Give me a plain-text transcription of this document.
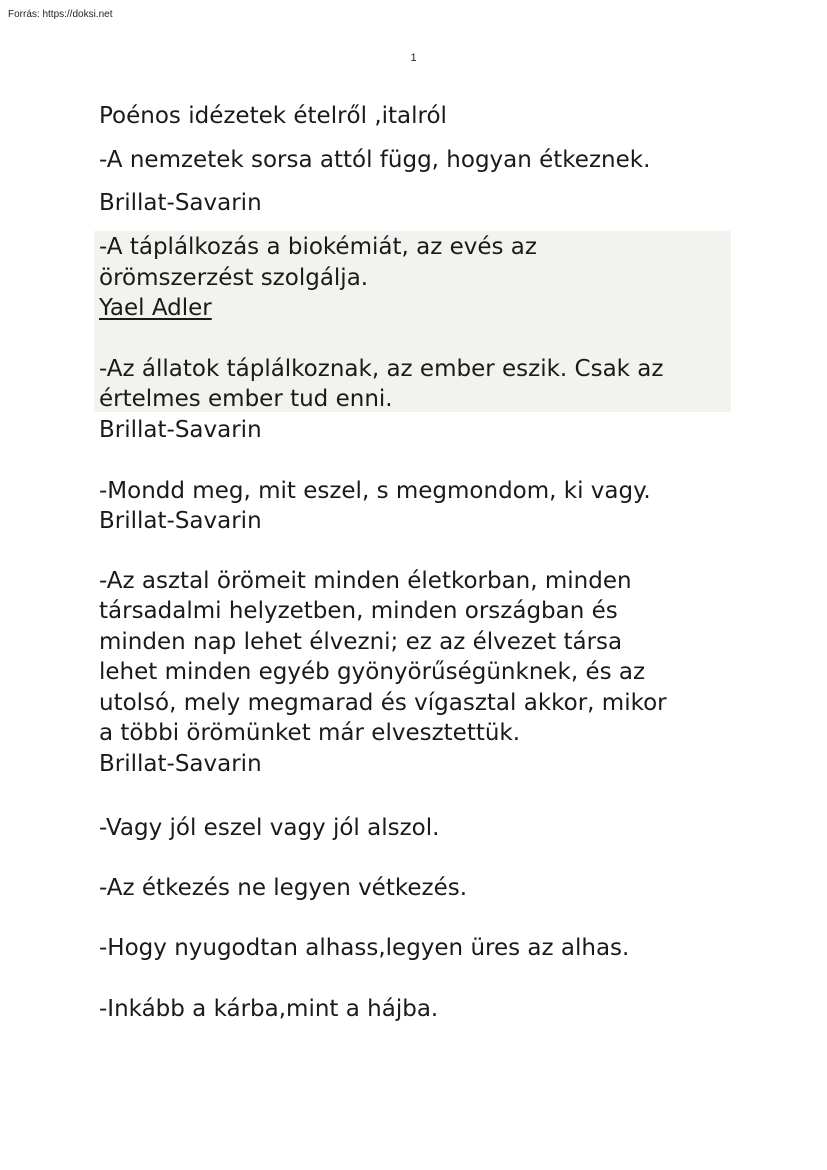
Forrás: https://doksi.net
1
Poénos idézetek ételről ,italról
-A nemzetek sorsa attól függ, hogyan étkeznek.
Brillat-Savarin
-A táplálkozás a biokémiát, az evés az
örömszerzést szolgálja.
Yael Adler
-Az állatok táplálkoznak, az ember eszik. Csak az
értelmes ember tud enni.
Brillat-Savarin
-Mondd meg, mit eszel, s megmondom, ki vagy.
Brillat-Savarin
-Az asztal örömeit minden életkorban, minden
társadalmi helyzetben, minden országban és
minden nap lehet élvezni; ez az élvezet társa
lehet minden egyéb gyönyörűségünknek, és az
utolsó, mely megmarad és vígasztal akkor, mikor
a többi örömünket már elvesztettük.
Brillat-Savarin
-Vagy jól eszel vagy jól alszol.
-Az étkezés ne legyen vétkezés.
-Hogy nyugodtan alhass,legyen üres az alhas.
-Inkább a kárba,mint a hájba.
